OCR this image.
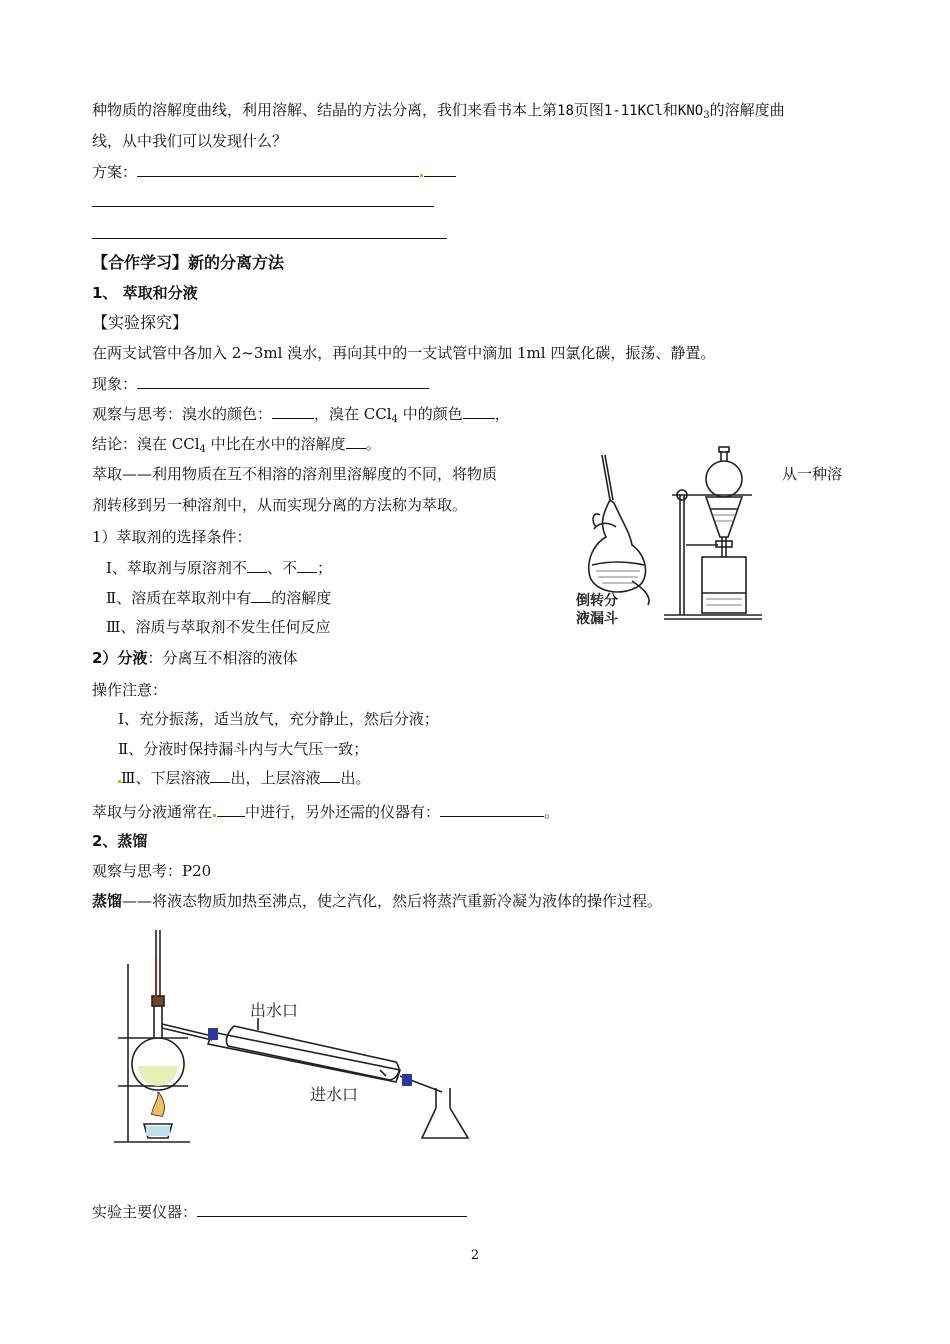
种物质的溶解度曲线，利用溶解、结晶的方法分离，我们来看书本上第18页图1-11KCl和$KNO_3$的溶解度曲
线，从中我们可以发现什么？
方案：
【合作学习】新的分离方法
1、 萃取和分液
【实验探究】
在两支试管中各加入 2~3ml 溴水，再向其中的一支试管中滴加 1ml 四氯化碳，振荡、静置。
现象：
观察与思考：溴水的颜色：	，溴在 CCl$_4$ 中的颜色 ，
结论：溴在 CCl$_4$ 中比在水中的溶解度 。
萃取——利用物质在互不相溶的溶剂里溶解度的不同，将物质	从一种溶
剂转移到另一种溶剂中，从而实现分离的方法称为萃取。
1）萃取剂的选择条件：
Ⅰ、萃取剂与原溶剂不 、不 ；
Ⅱ、溶质在萃取剂中有 的溶解度
Ⅲ、溶质与萃取剂不发生任何反应
2）分液：分离互不相溶的液体
操作注意：
Ⅰ、充分振荡，适当放气，充分静止，然后分液；
Ⅱ、分液时保持漏斗内与大气压一致；
Ⅲ、下层溶液 出，上层溶液 出。
萃取与分液通常在 中进行，另外还需的仪器有：	。
倒转分
液漏斗
2、蒸馏
观察与思考：P20
蒸馏——将液态物质加热至沸点，使之汽化，然后将蒸汽重新冷凝为液体的操作过程。
出水口
进水口
实验主要仪器：
2
